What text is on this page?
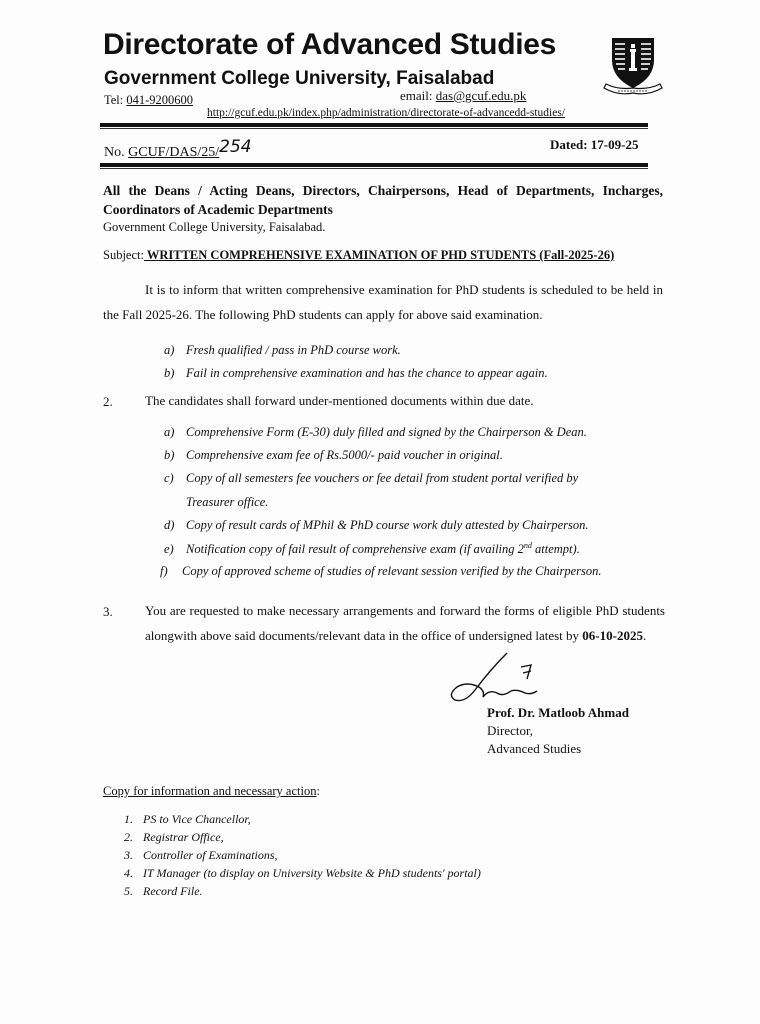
Directorate of Advanced Studies
Government College University, Faisalabad
Tel: 041-9200600	email: das@gcuf.edu.pk
http://gcuf.edu.pk/index.php/administration/directorate-of-advancedd-studies/
No. GCUF/DAS/25/254	Dated: 17-09-25
All the Deans / Acting Deans, Directors, Chairpersons, Head of Departments, Incharges, Coordinators of Academic Departments
Government College University, Faisalabad.
Subject: WRITTEN COMPREHENSIVE EXAMINATION OF PHD STUDENTS (Fall-2025-26)
It is to inform that written comprehensive examination for PhD students is scheduled to be held in the Fall 2025-26. The following PhD students can apply for above said examination.
a) Fresh qualified / pass in PhD course work.
b) Fail in comprehensive examination and has the chance to appear again.
2. The candidates shall forward under-mentioned documents within due date.
a) Comprehensive Form (E-30) duly filled and signed by the Chairperson & Dean.
b) Comprehensive exam fee of Rs.5000/- paid voucher in original.
c) Copy of all semesters fee vouchers or fee detail from student portal verified by
Treasurer office.
d) Copy of result cards of MPhil & PhD course work duly attested by Chairperson.
e) Notification copy of fail result of comprehensive exam (if availing 2nd attempt).
f) Copy of approved scheme of studies of relevant session verified by the Chairperson.
3. You are requested to make necessary arrangements and forward the forms of eligible PhD students alongwith above said documents/relevant data in the office of undersigned latest by 06-10-2025.
Prof. Dr. Matloob Ahmad
Director,
Advanced Studies
Copy for information and necessary action:
1. PS to Vice Chancellor,
2. Registrar Office,
3. Controller of Examinations,
4. IT Manager (to display on University Website & PhD students' portal)
5. Record File.
